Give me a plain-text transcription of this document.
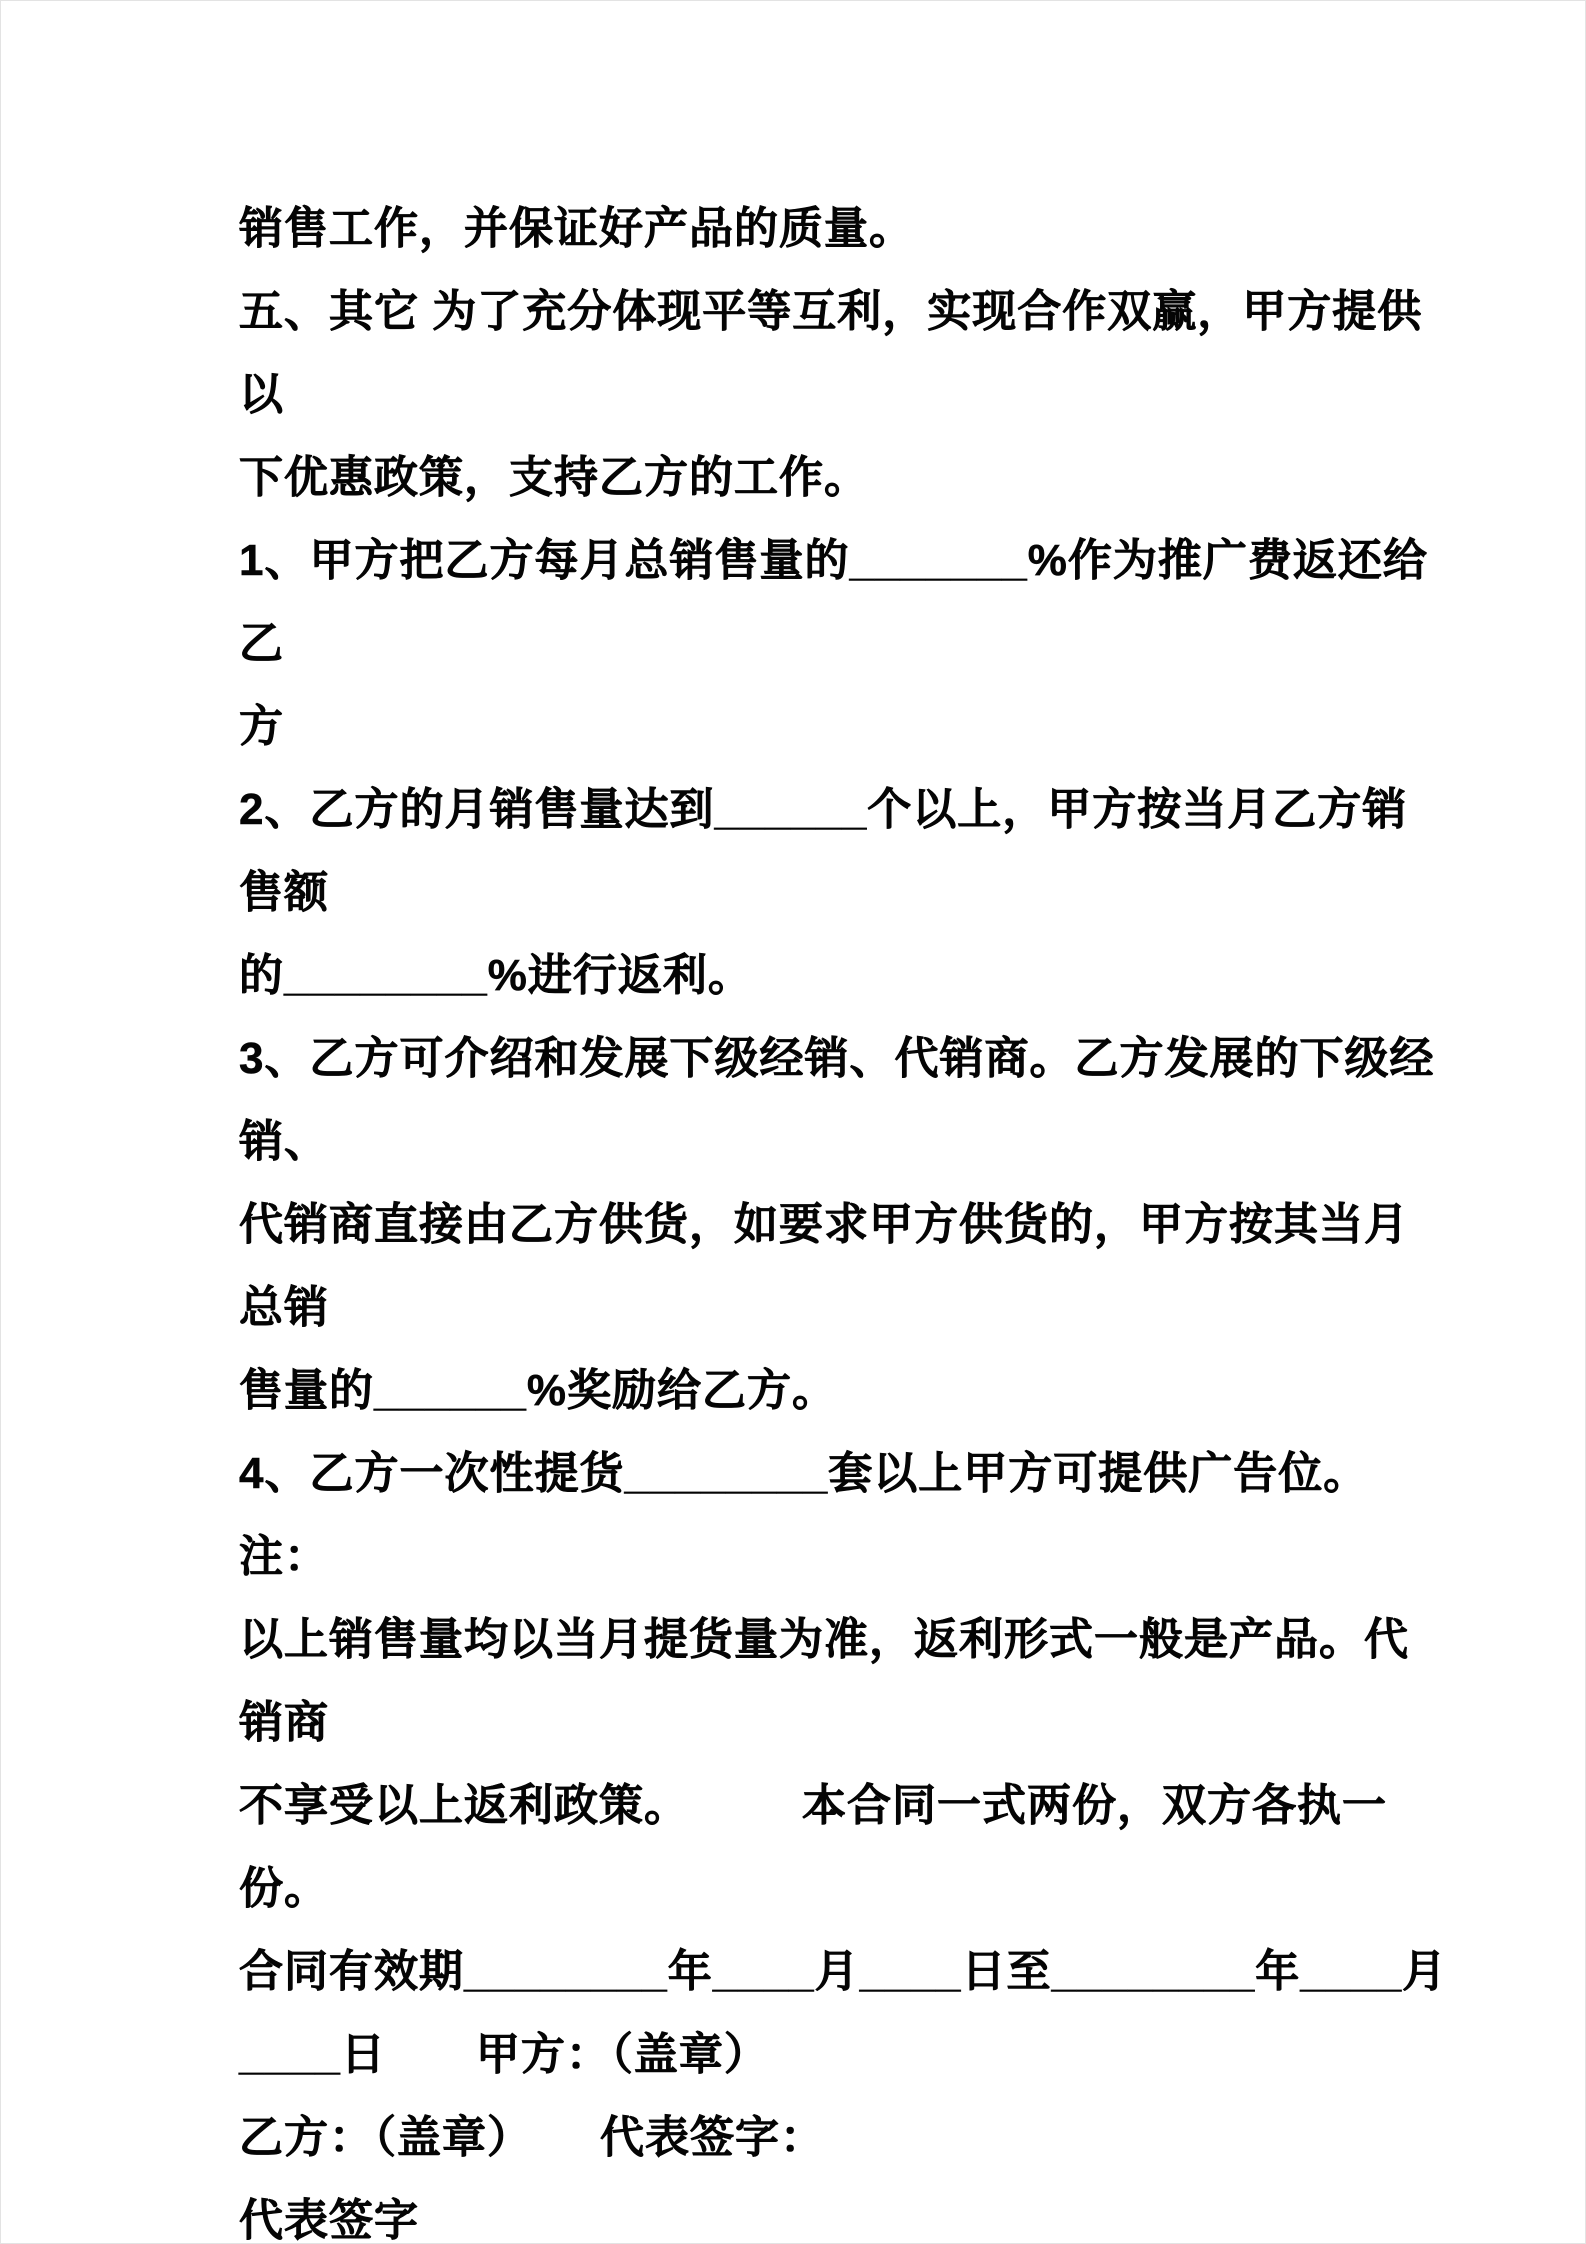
销售工作，并保证好产品的质量。
五、其它 为了充分体现平等互利，实现合作双赢，甲方提供以
下优惠政策，支持乙方的工作。
1、甲方把乙方每月总销售量的_______%作为推广费返还给乙
方
2、乙方的月销售量达到______个以上，甲方按当月乙方销售额
的________%进行返利。
3、乙方可介绍和发展下级经销、代销商。乙方发展的下级经销、
代销商直接由乙方供货，如要求甲方供货的，甲方按其当月总销
售量的______%奖励给乙方。
4、乙方一次性提货________套以上甲方可提供广告位。　　　注：
以上销售量均以当月提货量为准，返利形式一般是产品。代销商
不享受以上返利政策。　　　本合同一式两份，双方各执一份。
合同有效期________年____月____日至________年____月
____日　　甲方：（盖章）
乙方：（盖章）　　代表签字：
代表签字
